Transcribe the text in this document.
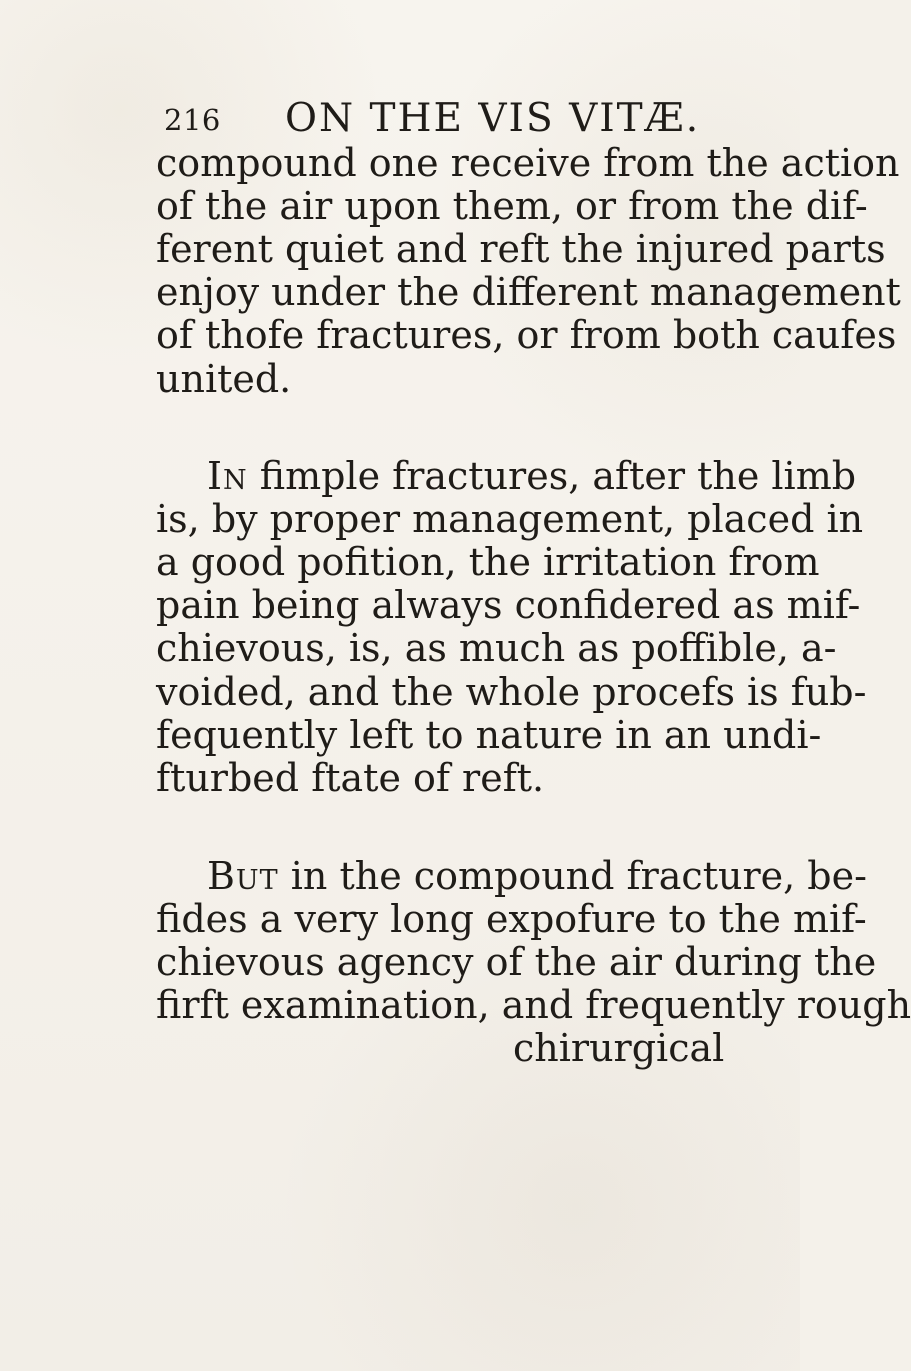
216 ON THE VIS VITÆ.
compound one receive from the action
of the air upon them, or from the dif-
ferent quiet and reft the injured parts
enjoy under the different management
of thofe fractures, or from both caufes
united.
In fimple fractures, after the limb
is, by proper management, placed in
a good pofition, the irritation from
pain being always confidered as mif-
chievous, is, as much as poffible, a-
voided, and the whole procefs is fub-
fequently left to nature in an undi-
fturbed ftate of reft.
But in the compound fracture, be-
fides a very long expofure to the mif-
chievous agency of the air during the
firft examination, and frequently rough
chirurgical
